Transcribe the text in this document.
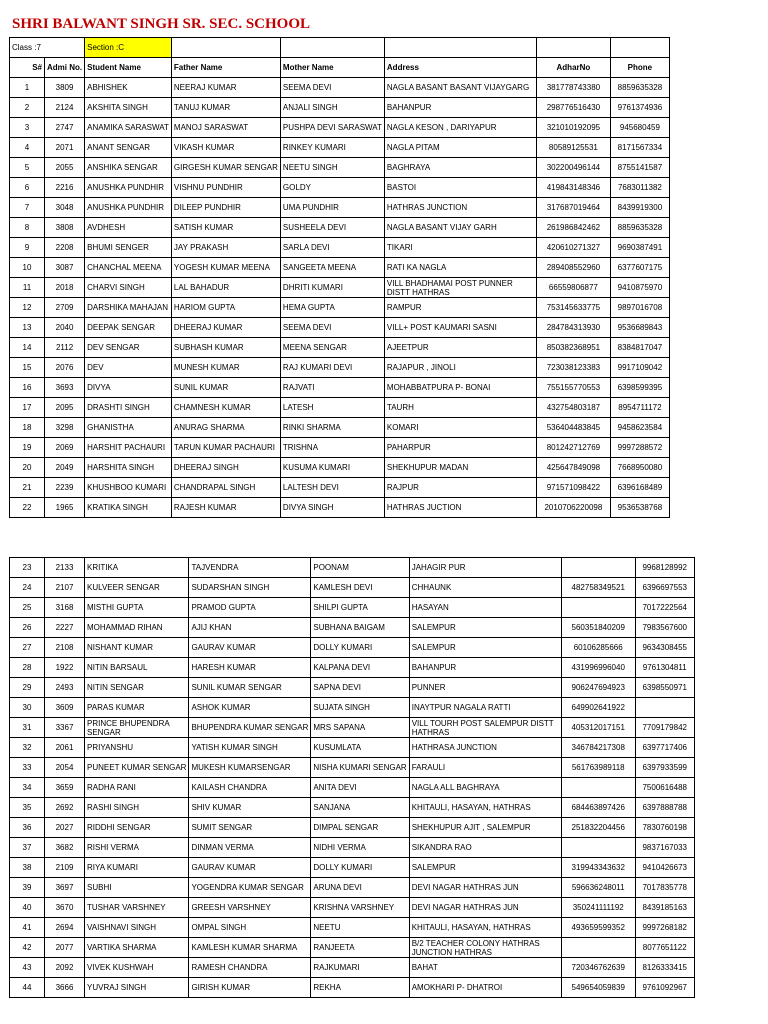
SHRI BALWANT SINGH SR. SEC. SCHOOL
Class :7		Section :C					
S#	Admi No.	Student Name	Father Name	Mother Name	Address	AdharNo	Phone
1	3809	ABHISHEK	NEERAJ KUMAR	SEEMA DEVI	NAGLA BASANT BASANT VIJAYGARG	381778743380	8859635328
2	2124	AKSHITA SINGH	TANUJ KUMAR	ANJALI SINGH	BAHANPUR	298776516430	9761374936
3	2747	ANAMIKA SARASWAT	MANOJ SARASWAT	PUSHPA DEVI SARASWAT	NAGLA KESON , DARIYAPUR	321010192095	945680459
4	2071	ANANT SENGAR	VIKASH KUMAR	RINKEY KUMARI	NAGLA PITAM	80589125531	8171567334
5	2055	ANSHIKA SENGAR	GIRGESH KUMAR SENGAR	NEETU SINGH	BAGHRAYA	302200496144	8755141587
6	2216	ANUSHKA PUNDHIR	VISHNU PUNDHIR	GOLDY	BASTOI	419843148346	7683011382
7	3048	ANUSHKA PUNDHIR	DILEEP PUNDHIR	UMA PUNDHIR	HATHRAS JUNCTION	317687019464	8439919300
8	3808	AVDHESH	SATISH KUMAR	SUSHEELA DEVI	NAGLA BASANT VIJAY GARH	261986842462	8859635328
9	2208	BHUMI SENGER	JAY PRAKASH	SARLA DEVI	TIKARI	420610271327	9690387491
10	3087	CHANCHAL MEENA	YOGESH KUMAR MEENA	SANGEETA MEENA	RATI KA NAGLA	289408552960	6377607175
11	2018	CHARVI SINGH	LAL BAHADUR	DHRITI KUMARI	VILL BHADHAMAI POST PUNNER DISTT HATHRAS	66559806877	9410875970
12	2709	DARSHIKA MAHAJAN	HARIOM GUPTA	HEMA GUPTA	RAMPUR	753145633775	9897016708
13	2040	DEEPAK SENGAR	DHEERAJ KUMAR	SEEMA DEVI	VILL+ POST KAUMARI SASNI	284784313930	9536689843
14	2112	DEV SENGAR	SUBHASH KUMAR	MEENA SENGAR	AJEETPUR	850382368951	8384817047
15	2076	DEV	MUNESH KUMAR	RAJ KUMARI DEVI	RAJAPUR , JINOLI	723038123383	9917109042
16	3693	DIVYA	SUNIL KUMAR	RAJVATI	MOHABBATPURA P- BONAI	755155770553	6398599395
17	2095	DRASHTI SINGH	CHAMNESH KUMAR	LATESH	TAURH	432754803187	8954711172
18	3298	GHANISTHA	ANURAG SHARMA	RINKI SHARMA	KOMARI	536404483845	9458623584
19	2069	HARSHIT PACHAURI	TARUN KUMAR PACHAURI	TRISHNA	PAHARPUR	801242712769	9997288572
20	2049	HARSHITA SINGH	DHEERAJ SINGH	KUSUMA KUMARI	SHEKHUPUR MADAN	425647849098	7668950080
21	2239	KHUSHBOO KUMARI	CHANDRAPAL SINGH	LALTESH DEVI	RAJPUR	971571098422	6396168489
22	1965	KRATIKA SINGH	RAJESH KUMAR	DIVYA SINGH	HATHRAS JUCTION	2010706220098	9536538768
23	2133	KRITIKA	TAJVENDRA	POONAM	JAHAGIR PUR		9968128992
24	2107	KULVEER SENGAR	SUDARSHAN SINGH	KAMLESH DEVI	CHHAUNK	482758349521	6396697553
25	3168	MISTHI GUPTA	PRAMOD GUPTA	SHILPI GUPTA	HASAYAN		7017222564
26	2227	MOHAMMAD RIHAN	AJIJ KHAN	SUBHANA BAIGAM	SALEMPUR	560351840209	7983567600
27	2108	NISHANT KUMAR	GAURAV KUMAR	DOLLY KUMARI	SALEMPUR	60106285666	9634308455
28	1922	NITIN BARSAUL	HARESH KUMAR	KALPANA DEVI	BAHANPUR	431996996040	9761304811
29	2493	NITIN SENGAR	SUNIL KUMAR SENGAR	SAPNA DEVI	PUNNER	906247694923	6398550971
30	3609	PARAS KUMAR	ASHOK KUMAR	SUJATA SINGH	INAYTPUR NAGALA RATTI	649902641922	
31	3367	PRINCE BHUPENDRA SENGAR	BHUPENDRA KUMAR SENGAR	MRS SAPANA	VILL TOURH POST SALEMPUR DISTT HATHRAS	405312017151	7709179842
32	2061	PRIYANSHU	YATISH KUMAR SINGH	KUSUMLATA	HATHRASA JUNCTION	346784217308	6397717406
33	2054	PUNEET KUMAR SENGAR	MUKESH KUMARSENGAR	NISHA KUMARI SENGAR	FARAULI	561763989118	6397933599
34	3659	RADHA RANI	KAILASH CHANDRA	ANITA DEVI	NAGLA ALL BAGHRAYA		7500616488
35	2692	RASHI SINGH	SHIV KUMAR	SANJANA	KHITAULI, HASAYAN, HATHRAS	684463897426	6397888788
36	2027	RIDDHI SENGAR	SUMIT SENGAR	DIMPAL SENGAR	SHEKHUPUR AJIT , SALEMPUR	251832204456	7830760198
37	3682	RISHI VERMA	DINMAN VERMA	NIDHI VERMA	SIKANDRA RAO		9837167033
38	2109	RIYA KUMARI	GAURAV KUMAR	DOLLY KUMARI	SALEMPUR	319943343632	9410426673
39	3697	SUBHI	YOGENDRA KUMAR SENGAR	ARUNA DEVI	DEVI NAGAR HATHRAS JUN	596636248011	7017835778
40	3670	TUSHAR VARSHNEY	GREESH VARSHNEY	KRISHNA VARSHNEY	DEVI NAGAR HATHRAS JUN	350241111192	8439185163
41	2694	VAISHNAVI SINGH	OMPAL SINGH	NEETU	KHITAULI, HASAYAN, HATHRAS	493659599352	9997268182
42	2077	VARTIKA SHARMA	KAMLESH KUMAR SHARMA	RANJEETA	B/2 TEACHER COLONY HATHRAS JUNCTION HATHRAS		8077651122
43	2092	VIVEK KUSHWAH	RAMESH CHANDRA	RAJKUMARI	BAHAT	720346762639	8126333415
44	3666	YUVRAJ SINGH	GIRISH KUMAR	REKHA	AMOKHARI P- DHATROI	549654059839	9761092967
